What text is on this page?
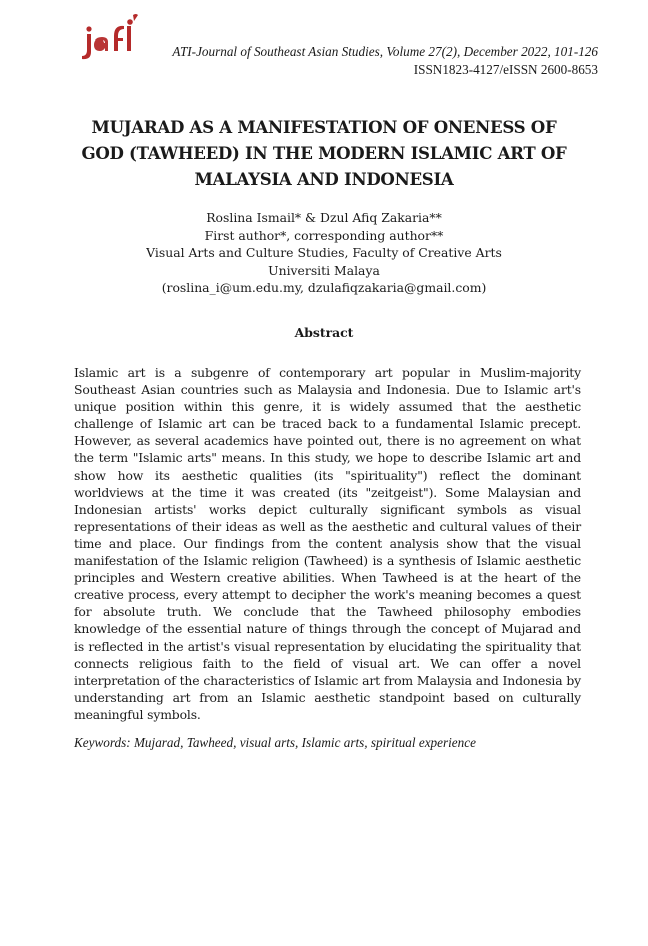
ATI-Journal of Southeast Asian Studies, Volume 27(2), December 2022, 101-126
ISSN1823-4127/eISSN 2600-8653
MUJARAD AS A MANIFESTATION OF ONENESS OF
GOD (TAWHEED) IN THE MODERN ISLAMIC ART OF
MALAYSIA AND INDONESIA
Roslina Ismail* & Dzul Afiq Zakaria**
First author*, corresponding author**
Visual Arts and Culture Studies, Faculty of Creative Arts
Universiti Malaya
(roslina_i@um.edu.my, dzulafiqzakaria@gmail.com)
Abstract
Islamic art is a subgenre of contemporary art popular in Muslim-majority
Southeast Asian countries such as Malaysia and Indonesia. Due to Islamic art's
unique position within this genre, it is widely assumed that the aesthetic
challenge of Islamic art can be traced back to a fundamental Islamic precept.
However, as several academics have pointed out, there is no agreement on what
the term "Islamic arts" means. In this study, we hope to describe Islamic art and
show how its aesthetic qualities (its "spirituality") reflect the dominant
worldviews at the time it was created (its "zeitgeist"). Some Malaysian and
Indonesian artists' works depict culturally significant symbols as visual
representations of their ideas as well as the aesthetic and cultural values of their
time and place. Our findings from the content analysis show that the visual
manifestation of the Islamic religion (Tawheed) is a synthesis of Islamic aesthetic
principles and Western creative abilities. When Tawheed is at the heart of the
creative process, every attempt to decipher the work's meaning becomes a quest
for absolute truth. We conclude that the Tawheed philosophy embodies
knowledge of the essential nature of things through the concept of Mujarad and
is reflected in the artist's visual representation by elucidating the spirituality that
connects religious faith to the field of visual art. We can offer a novel
interpretation of the characteristics of Islamic art from Malaysia and Indonesia by
understanding art from an Islamic aesthetic standpoint based on culturally
meaningful symbols.
Keywords: Mujarad, Tawheed, visual arts, Islamic arts, spiritual experience
